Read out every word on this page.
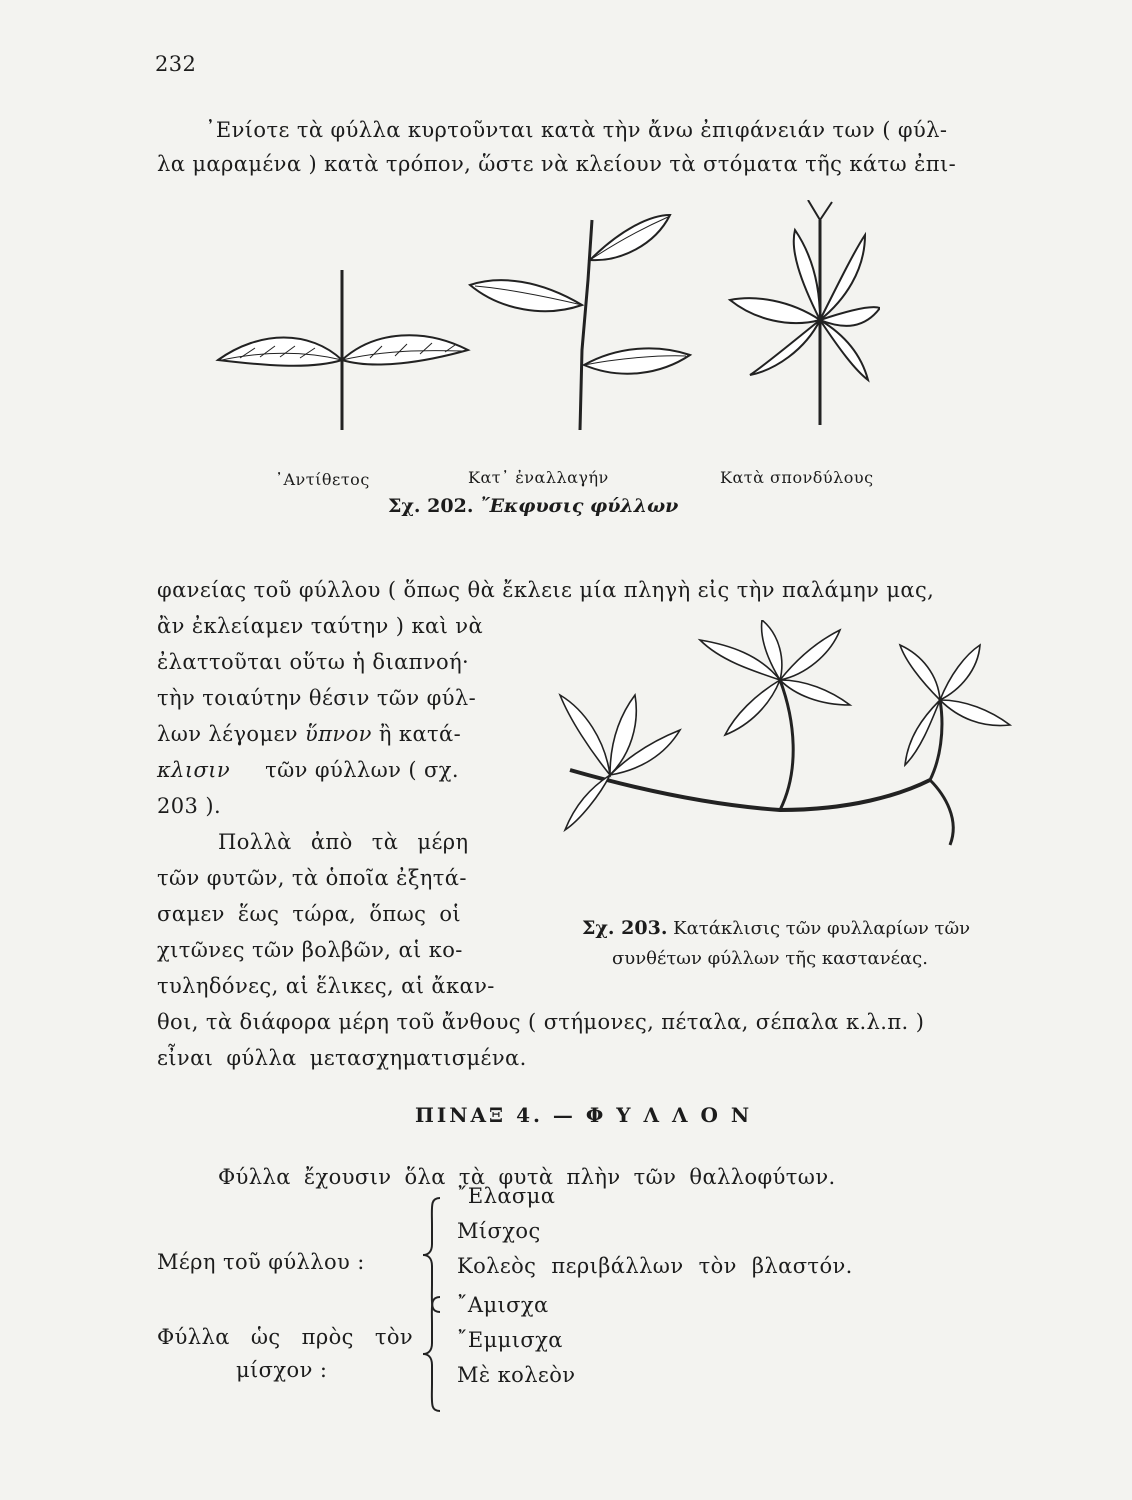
232
᾿Ενίοτε τὰ φύλλα κυρτοῦνται κατὰ τὴν ἄνω ἐπιφάνειάν των ( φύλ-
λα μαραμένα ) κατὰ τρόπον, ὥστε νὰ κλείουν τὰ στόματα τῆς κάτω ἐπι-
᾿Αντίθετος	Κατ᾿ ἐναλλαγήν	Κατὰ σπονδύλους
Σχ. 202. ῎Εκφυσις φύλλων
φανείας τοῦ φύλλου ( ὅπως θὰ ἔκλειε μία πληγὴ εἰς τὴν παλάμην μας,
ἂν ἐκλείαμεν ταύτην ) καὶ νὰ
ἐλαττοῦται οὕτω ἡ διαπνοή·
τὴν τοιαύτην θέσιν τῶν φύλ-
λων λέγομεν ὕπνον ἢ κατά-
κλισιν τῶν φύλλων ( σχ.
203 ).
Πολλὰ ἀπὸ τὰ μέρη
τῶν φυτῶν, τὰ ὁποῖα ἐξητά-
σαμεν ἕως τώρα, ὅπως οἱ
χιτῶνες τῶν βολβῶν, αἱ κο-
τυληδόνες, αἱ ἕλικες, αἱ ἄκαν-
θοι, τὰ διάφορα μέρη τοῦ ἄνθους ( στήμονες, πέταλα, σέπαλα κ.λ.π. )
εἶναι φύλλα μετασχηματισμένα.
Σχ. 203. Κατάκλισις τῶν φυλλαρίων τῶν
συνθέτων φύλλων τῆς καστανέας.
ΠΙΝΑΞ 4. — Φ Υ Λ Λ Ο Ν
Φύλλα ἔχουσιν ὅλα τὰ φυτὰ πλὴν τῶν θαλλοφύτων.
Μέρη τοῦ φύλλου :
῎Ελασμα
Μίσχος
Κολεὸς περιβάλλων τὸν βλαστόν.
Φύλλα ὡς πρὸς τὸν
μίσχον :
῎Αμισχα
῎Εμμισχα
Μὲ κολεὸν
